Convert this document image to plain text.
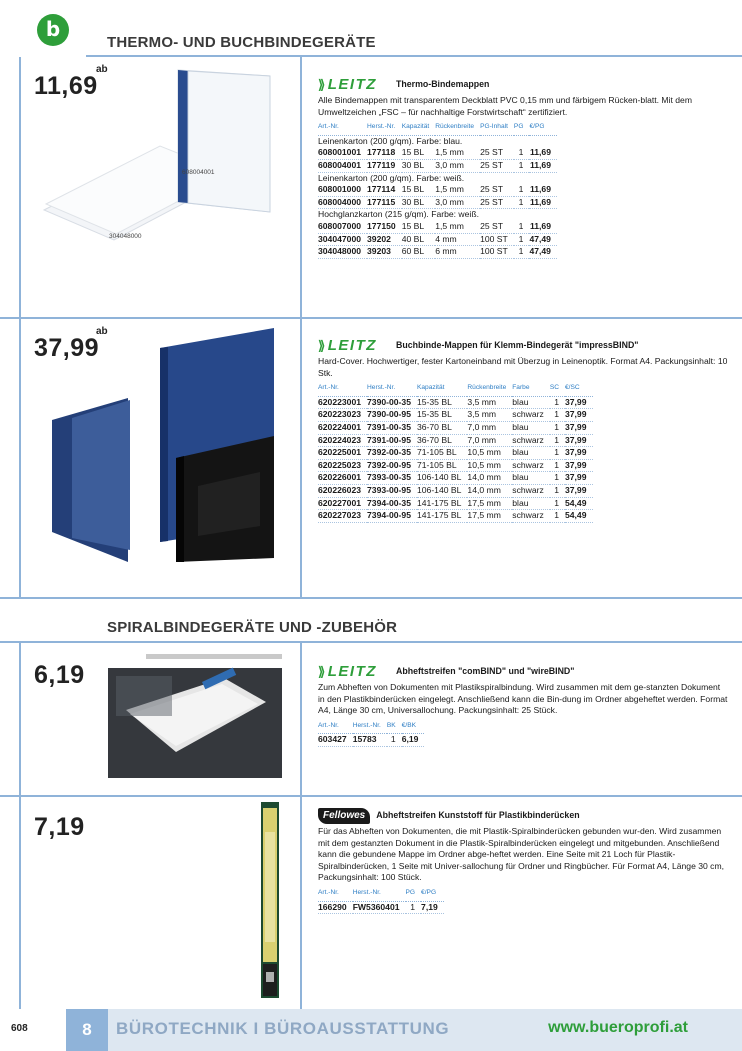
b
THERMO- UND BUCHBINDEGERÄTE
SPIRALBINDEGERÄTE UND -ZUBEHÖR
ab
11,69
608004001
304048000
⟫ LEITZ Thermo-Bindemappen
Alle Bindemappen mit transparentem Deckblatt PVC 0,15 mm und färbigem Rücken-blatt. Mit dem Umweltzeichen „FSC – für nachhaltige Forstwirtschaft“ zertifiziert.
Art.-Nr.	Herst.-Nr.	Kapazität	Rückenbreite	PG-Inhalt	PG	€/PG
Leinenkarton (200 g/qm). Farbe: blau.						
608001001	177118	15 BL	1,5 mm	25 ST	1	11,69
608004001	177119	30 BL	3,0 mm	25 ST	1	11,69
Leinenkarton (200 g/qm). Farbe: weiß.						
608001000	177114	15 BL	1,5 mm	25 ST	1	11,69
608004000	177115	30 BL	3,0 mm	25 ST	1	11,69
Hochglanzkarton (215 g/qm). Farbe: weiß.						
608007000	177150	15 BL	1,5 mm	25 ST	1	11,69
304047000	39202	40 BL	4 mm	100 ST	1	47,49
304048000	39203	60 BL	6 mm	100 ST	1	47,49
ab
37,99	⟫ LEITZ Buchbinde-Mappen für Klemm-Bindegerät "impressBIND"
Hard-Cover. Hochwertiger, fester Kartoneinband mit Überzug in Leinenoptik. Format A4. Packungsinhalt: 10 Stk.
Art.-Nr.	Herst.-Nr.	Kapazität	Rückenbreite	Farbe	SC	€/SC
620223001	7390-00-35	15-35 BL	3,5 mm	blau	1	37,99
620223023	7390-00-95	15-35 BL	3,5 mm	schwarz	1	37,99
620224001	7391-00-35	36-70 BL	7,0 mm	blau	1	37,99
620224023	7391-00-95	36-70 BL	7,0 mm	schwarz	1	37,99
620225001	7392-00-35	71-105 BL	10,5 mm	blau	1	37,99
620225023	7392-00-95	71-105 BL	10,5 mm	schwarz	1	37,99
620226001	7393-00-35	106-140 BL	14,0 mm	blau	1	37,99
620226023	7393-00-95	106-140 BL	14,0 mm	schwarz	1	37,99
620227001	7394-00-35	141-175 BL	17,5 mm	blau	1	54,49
620227023	7394-00-95	141-175 BL	17,5 mm	schwarz	1	54,49
6,19	⟫ LEITZ Abheftstreifen "comBIND" und "wireBIND"
Zum Abheften von Dokumenten mit Plastikspiralbindung. Wird zusammen mit dem ge-stanzten Dokument in den Plastikbinderücken eingelegt. Anschließend kann die Bin-dung im Ordner abgeheftet werden. Format A4, Länge 30 cm, Universallochung. Packungsinhalt: 25 Stück.
Art.-Nr.	Herst.-Nr.	BK	€/BK
603427	15783	1	6,19
7,19	Fellowes	Abheftstreifen Kunststoff für Plastikbinderücken
Für das Abheften von Dokumenten, die mit Plastik-Spiralbinderücken gebunden wur-den. Wird zusammen mit dem gestanzten Dokument in die Plastik-Spiralbinderücken eingelegt und mitgebunden. Anschließend kann die gebundene Mappe im Ordner abge-heftet werden. Eine Seite mit 21 Loch für Plastik-Spiralbinderücken, 1 Seite mit Univer-sallochung für Ordner und Ringbücher. Für Format A4, Länge 30 cm, Packungsinhalt: 100 Stück.
Art.-Nr.	Herst.-Nr.	PG	€/PG
166290	FW5360401	1	7,19
608	8	BÜROTECHNIK I BÜROAUSSTATTUNG	www.bueroprofi.at
